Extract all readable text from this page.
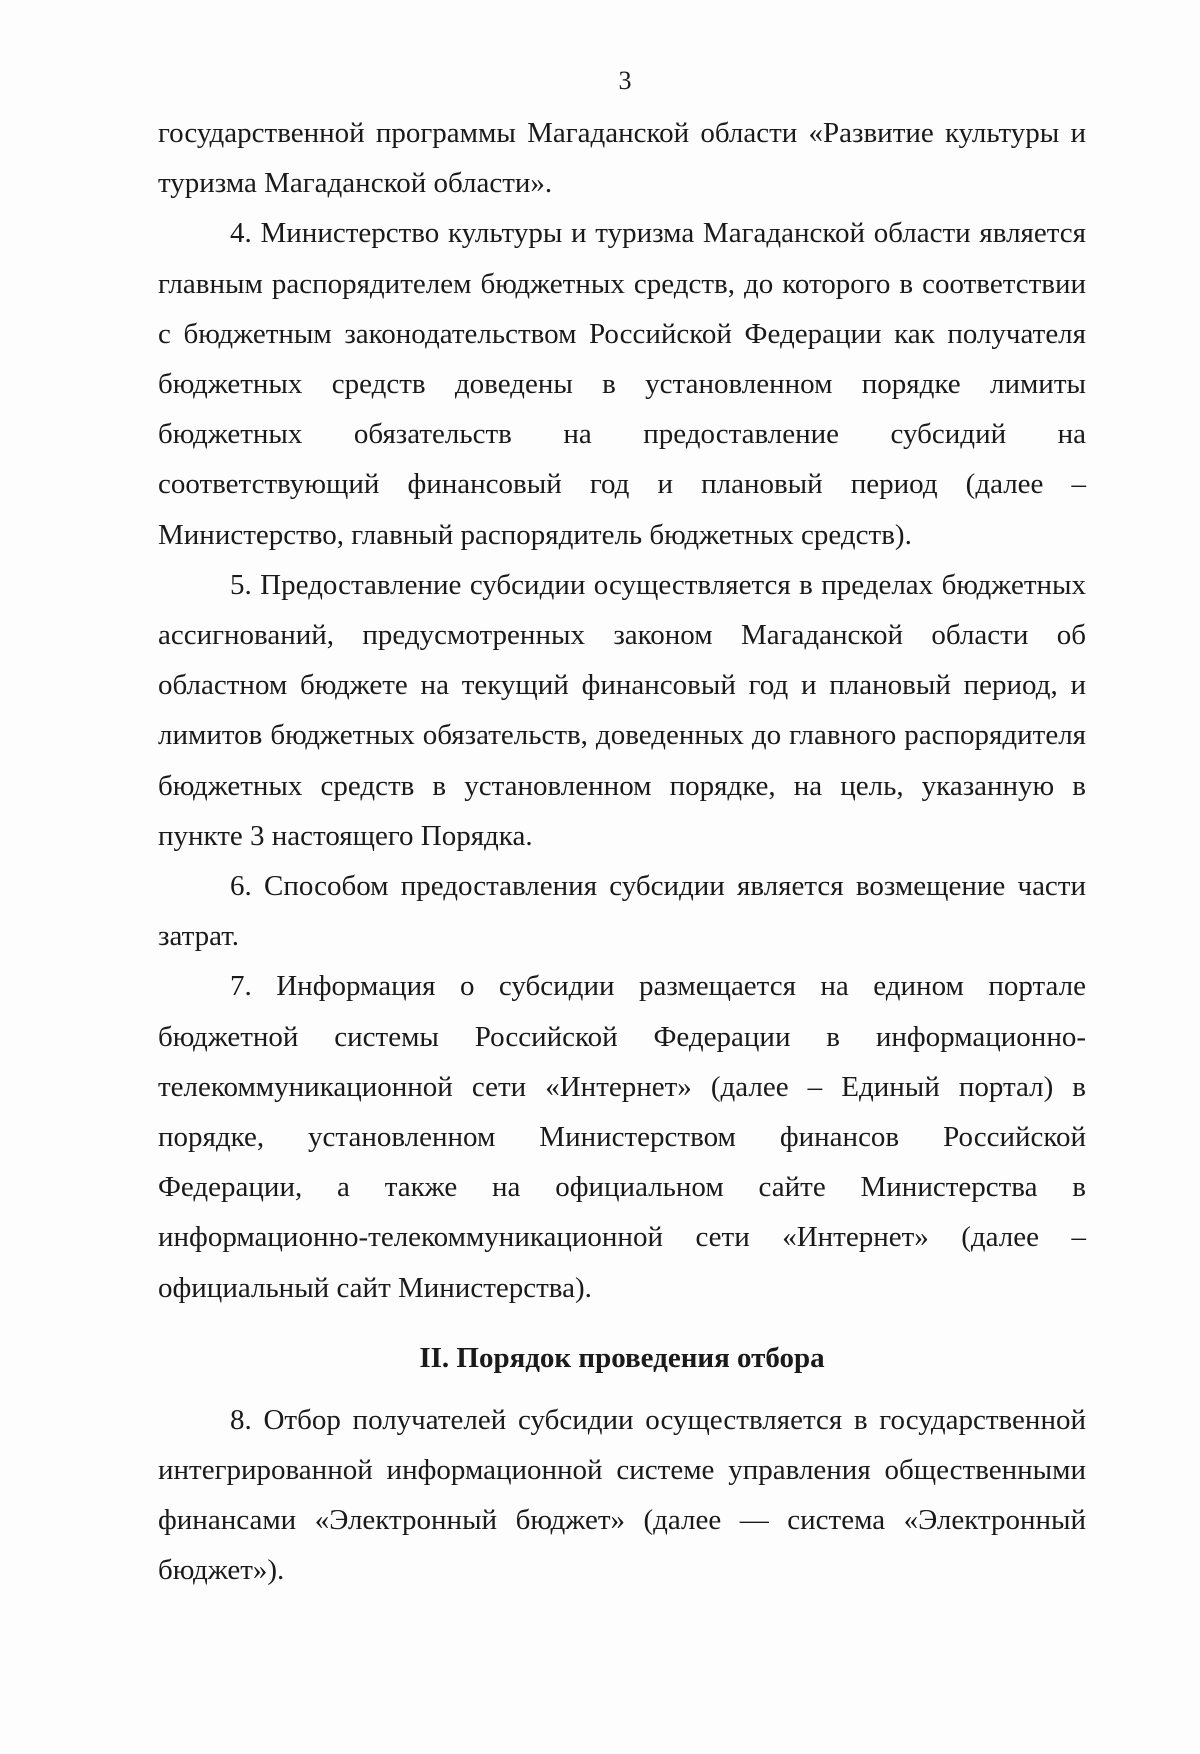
3

государственной программы Магаданской области «Развитие культуры и туризма Магаданской области».

4. Министерство культуры и туризма Магаданской области является главным распорядителем бюджетных средств, до которого в соответствии с бюджетным законодательством Российской Федерации как получателя бюджетных средств доведены в установленном порядке лимиты бюджетных обязательств на предоставление субсидий на соответствующий финансовый год и плановый период (далее – Министерство, главный распорядитель бюджетных средств).

5. Предоставление субсидии осуществляется в пределах бюджетных ассигнований, предусмотренных законом Магаданской области об областном бюджете на текущий финансовый год и плановый период, и лимитов бюджетных обязательств, доведенных до главного распорядителя бюджетных средств в установленном порядке, на цель, указанную в пункте 3 настоящего Порядка.

6. Способом предоставления субсидии является возмещение части затрат.

7. Информация о субсидии размещается на едином портале бюджетной системы Российской Федерации в информационно-телекоммуникационной сети «Интернет» (далее – Единый портал) в порядке, установленном Министерством финансов Российской Федерации, а также на официальном сайте Министерства в информационно-телекоммуникационной сети «Интернет» (далее – официальный сайт Министерства).

II. Порядок проведения отбора

8. Отбор получателей субсидии осуществляется в государственной интегрированной информационной системе управления общественными финансами «Электронный бюджет» (далее — система «Электронный бюджет»).
